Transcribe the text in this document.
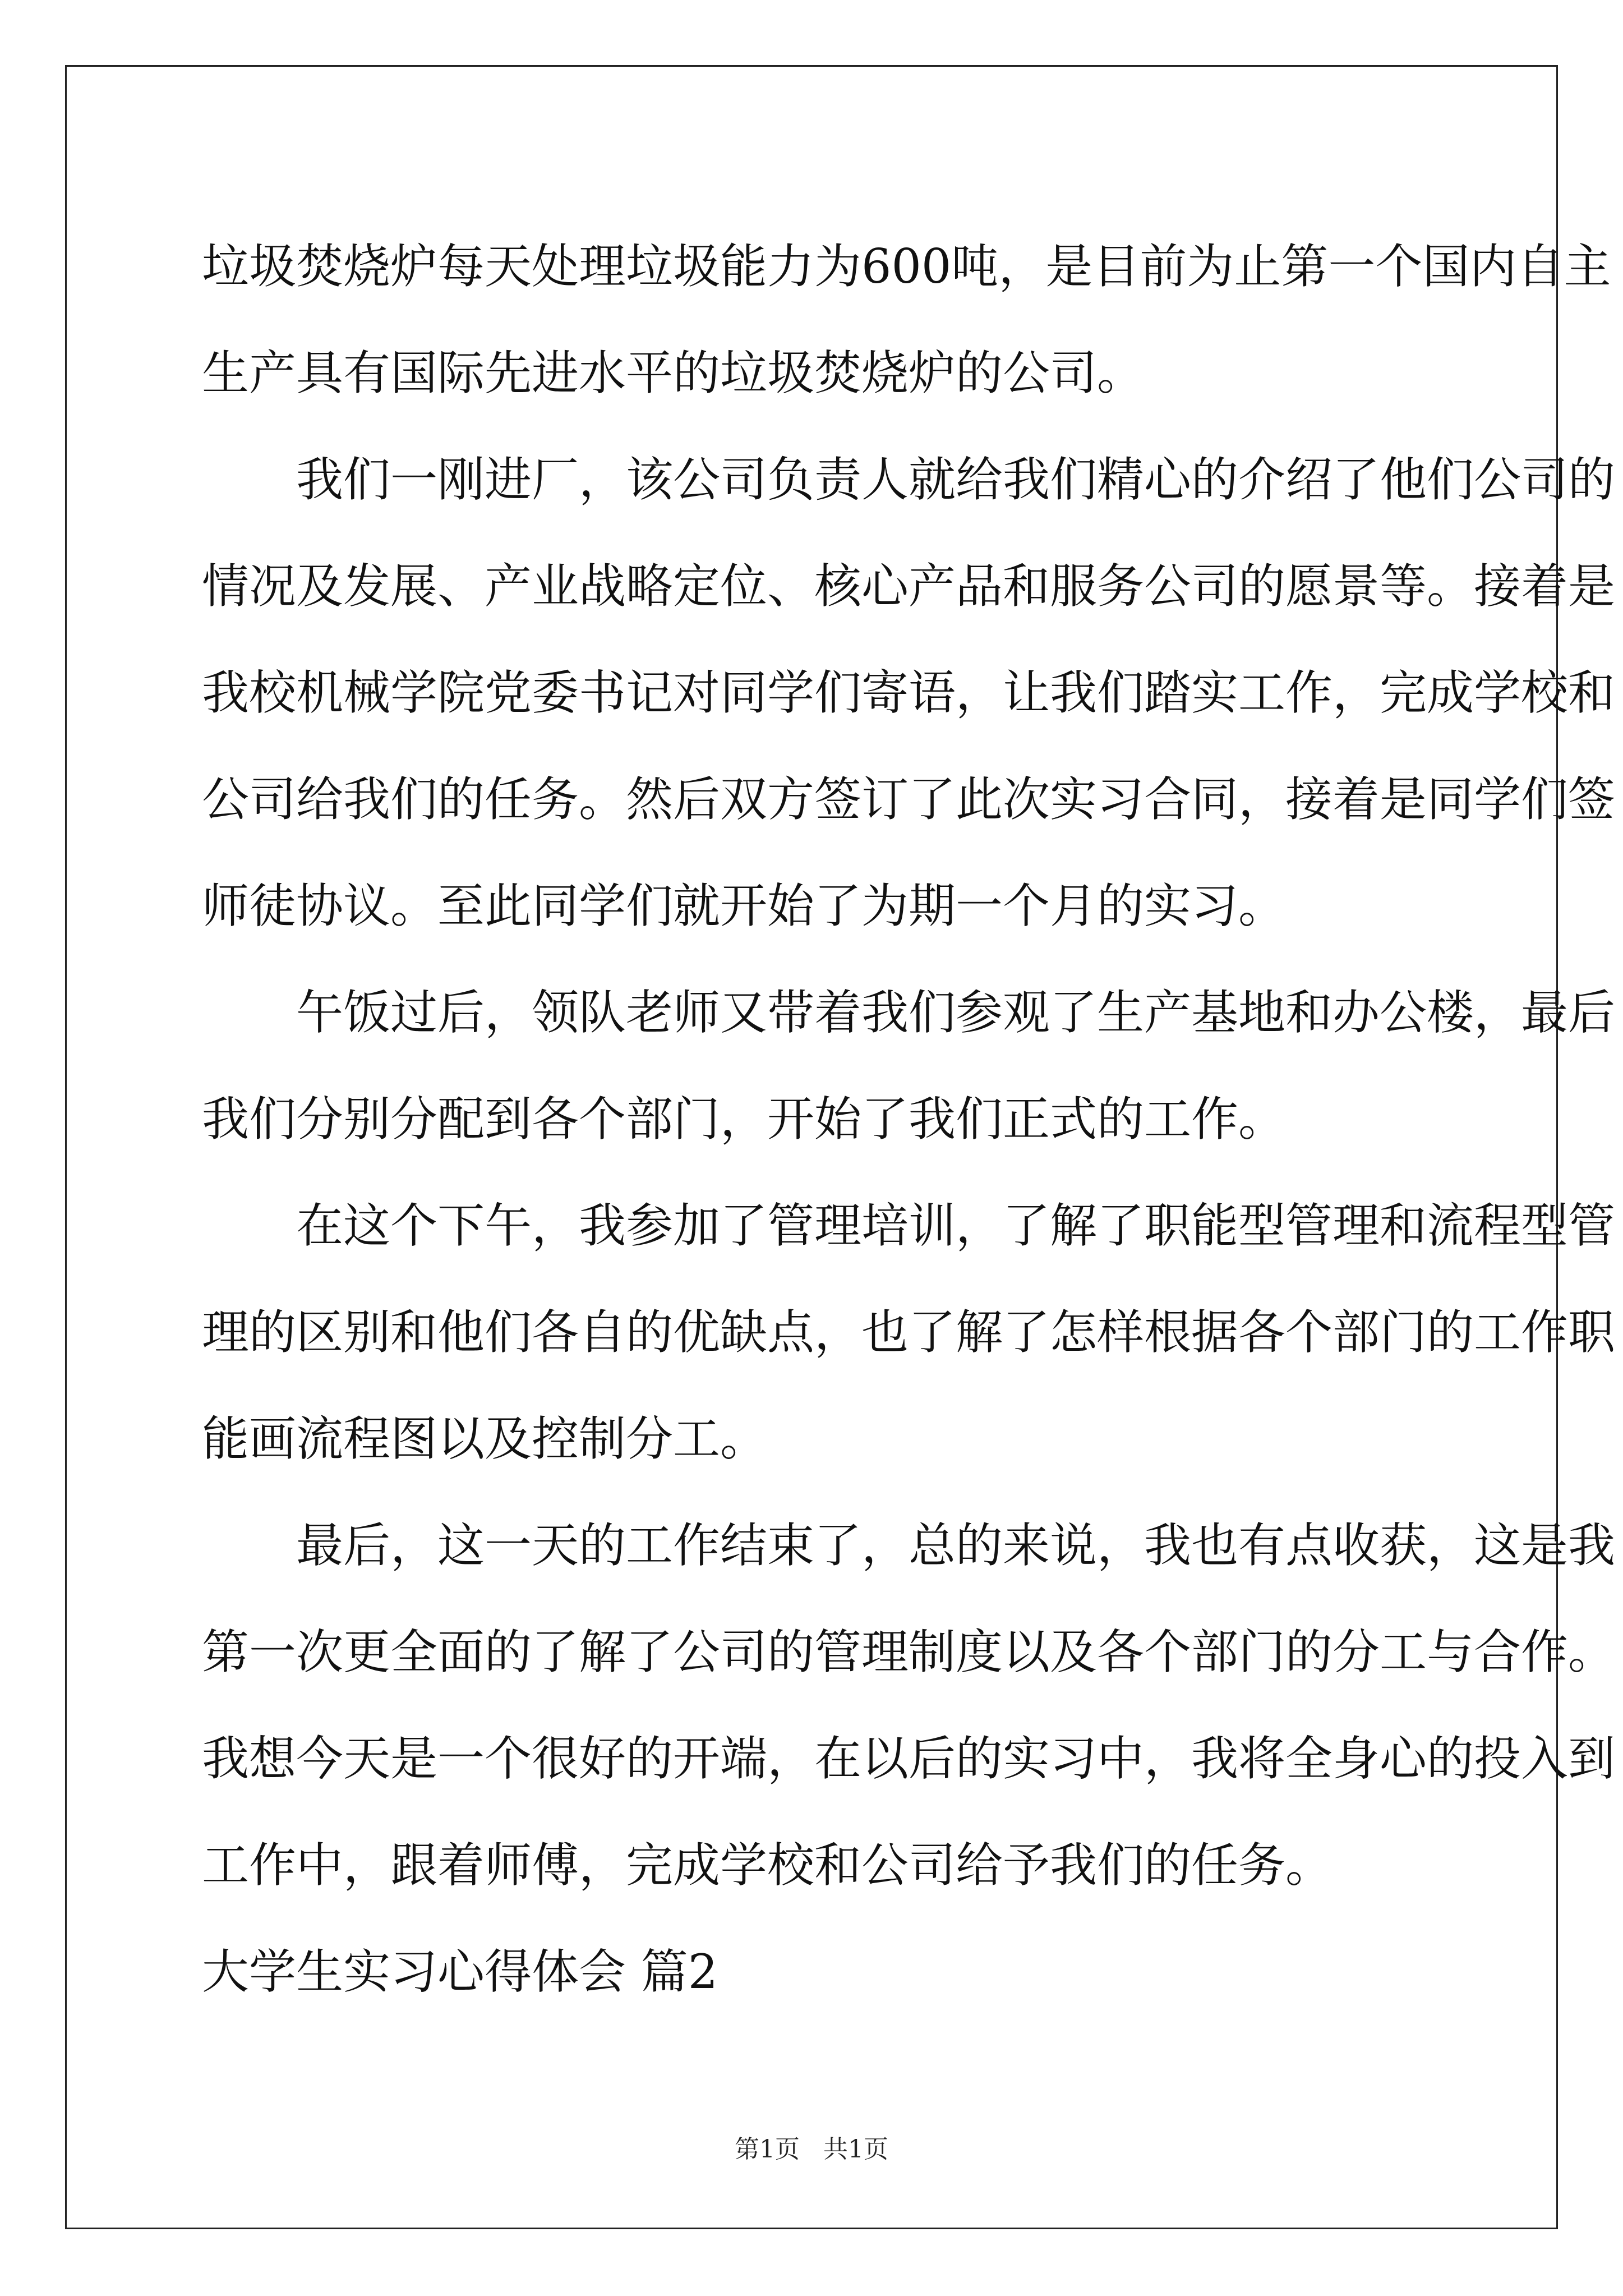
垃圾焚烧炉每天处理垃圾能力为600吨，是目前为止第一个国内自主
生产具有国际先进水平的垃圾焚烧炉的公司。
我们一刚进厂，该公司负责人就给我们精心的介绍了他们公司的
情况及发展、产业战略定位、核心产品和服务公司的愿景等。接着是
我校机械学院党委书记对同学们寄语，让我们踏实工作，完成学校和
公司给我们的任务。然后双方签订了此次实习合同，接着是同学们签
师徒协议。至此同学们就开始了为期一个月的实习。
午饭过后，领队老师又带着我们参观了生产基地和办公楼，最后
我们分别分配到各个部门，开始了我们正式的工作。
在这个下午，我参加了管理培训，了解了职能型管理和流程型管
理的区别和他们各自的优缺点，也了解了怎样根据各个部门的工作职
能画流程图以及控制分工。
最后，这一天的工作结束了，总的来说，我也有点收获，这是我
第一次更全面的了解了公司的管理制度以及各个部门的分工与合作。
我想今天是一个很好的开端，在以后的实习中，我将全身心的投入到
工作中，跟着师傅，完成学校和公司给予我们的任务。
大学生实习心得体会 篇2
第1页   共1页
